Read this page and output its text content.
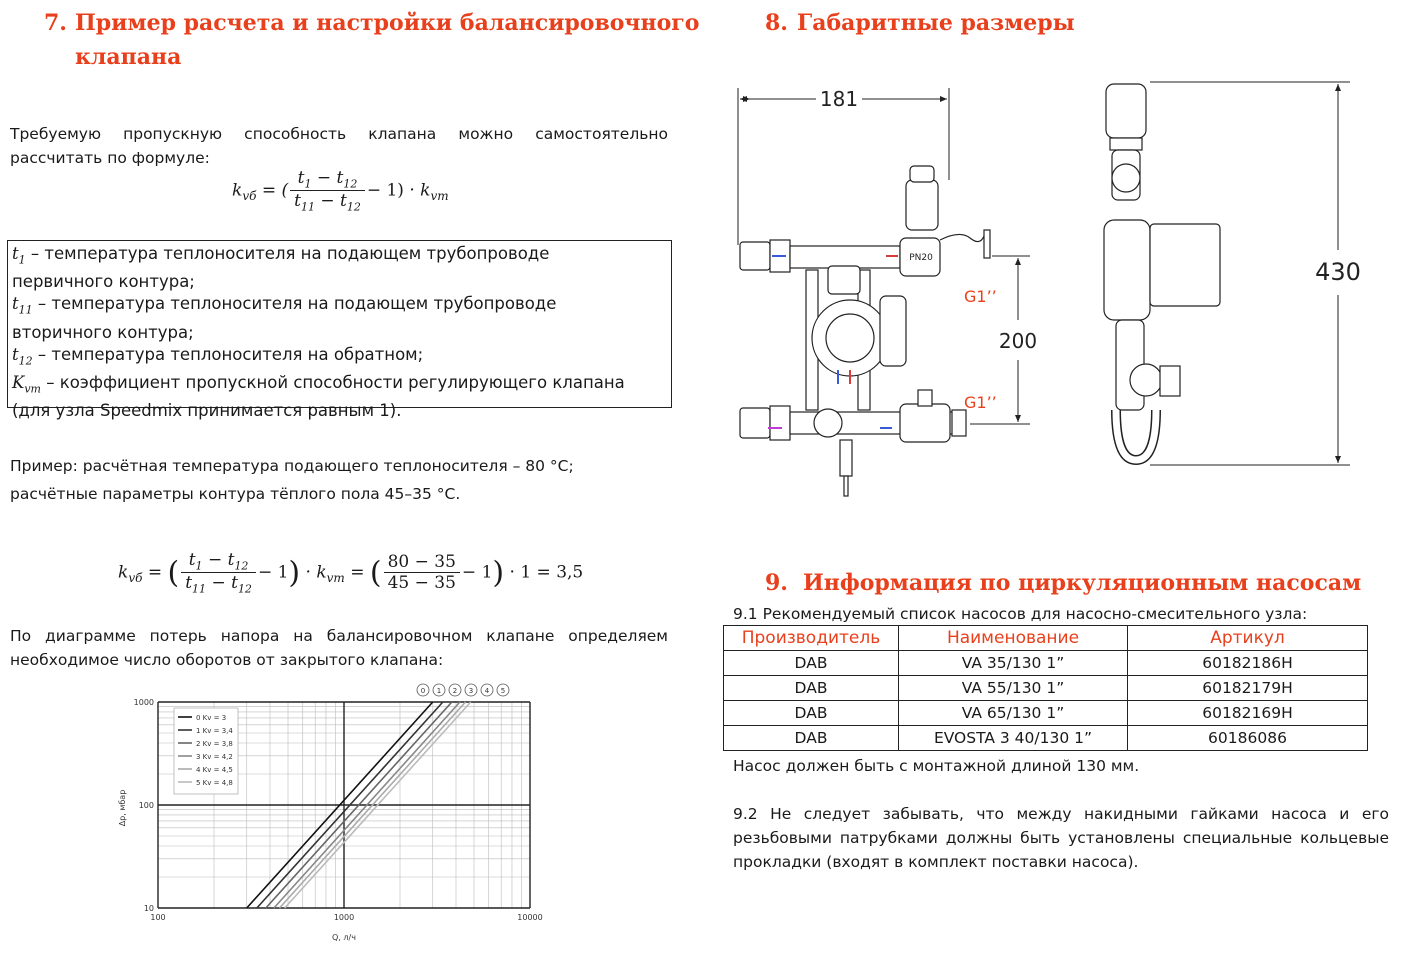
7. Пример расчета и настройки балансировочного
клапана
Требуемую пропускную способность клапана можно самостоятельно
рассчитать по формуле:
$k_{vб}$ = ( $\frac{t_1 - t_{12}}{t_{11} - t_{12}} - 1) \cdot k_{vт}$
$t_1$ – температура теплоносителя на подающем трубопроводе
первичного контура;
$t_{11}$ – температура теплоносителя на подающем трубопроводе
вторичного контура;
$t_{12}$ – температура теплоносителя на обратном;
$K_{vт}$ – коэффициент пропускной способности регулирующего клапана
(для узла Speedmix принимается равным 1).
Пример: расчётная температура подающего теплоносителя – 80 °C;
расчётные параметры контура тёплого пола 45–35 °C.
$k_{vб}$ = ( $\frac{t_1 - t_{12}}{t_{11} - t_{12}} - 1) \cdot k_{vт}$ = ( $\frac{80 - 35}{45 - 35} - 1) \cdot 1 = 3,5$
По диаграмме потерь напора на балансировочном клапане определяем
необходимое число оборотов от закрытого клапана:
0 Kv = 3
1 Kv = 3,4
2 Kv = 3,8
3 Kv = 4,2
4 Kv = 4,5
5 Kv = 4,8
0 1 2 3 4 5
100	1000	10000
1000
100
10
Q, л/ч
Δp, мбар
8. Габаритные размеры
181
PN20
G1’’
G1’’
200
430
9. Информация по циркуляционным насосам
9.1 Рекомендуемый список насосов для насосно-смесительного узла:
Производитель	Наименование	Артикул
DAB	VA 35/130 1”	60182186H
DAB	VA 55/130 1”	60182179H
DAB	VA 65/130 1”	60182169H
DAB	EVOSTA 3 40/130 1”	60186086
Насос должен быть с монтажной длиной 130 мм.
9.2 Не следует забывать, что между накидными гайками насоса и его
резьбовыми патрубками должны быть установлены специальные кольцевые
прокладки (входят в комплект поставки насоса).
